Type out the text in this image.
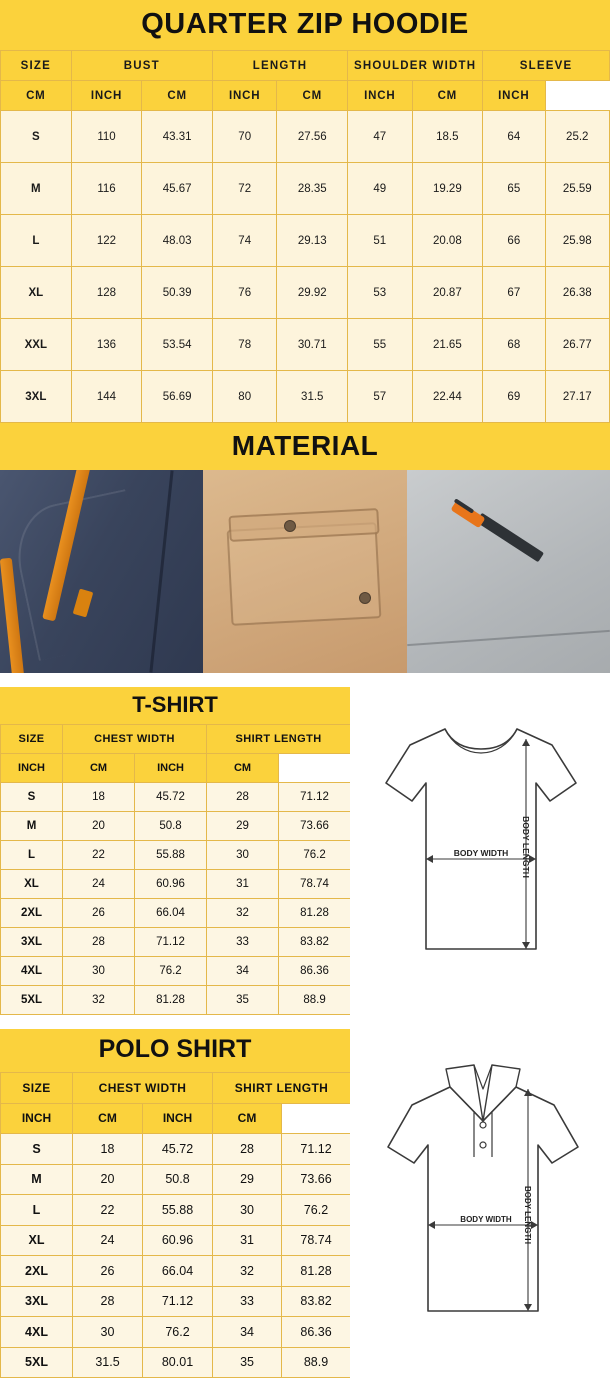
QUARTER ZIP HOODIE
SIZE	BUST		LENGTH		SHOULDER WIDTH		SLEEVE	
CM	INCH	CM	INCH	CM	INCH	CM	INCH	
S	110	43.31	70	27.56	47	18.5	64	25.2
M	116	45.67	72	28.35	49	19.29	65	25.59
L	122	48.03	74	29.13	51	20.08	66	25.98
XL	128	50.39	76	29.92	53	20.87	67	26.38
XXL	136	53.54	78	30.71	55	21.65	68	26.77
3XL	144	56.69	80	31.5	57	22.44	69	27.17
MATERIAL
T-SHIRT
SIZE	CHEST WIDTH		SHIRT LENGTH	
INCH	CM	INCH	CM	
S	18	45.72	28	71.12
M	20	50.8	29	73.66
L	22	55.88	30	76.2
XL	24	60.96	31	78.74
2XL	26	66.04	32	81.28
3XL	28	71.12	33	83.82
4XL	30	76.2	34	86.36
5XL	32	81.28	35	88.9
BODY WIDTH BODY LENGTH
POLO SHIRT
SIZE	CHEST WIDTH		SHIRT LENGTH	
INCH	CM	INCH	CM	
S	18	45.72	28	71.12
M	20	50.8	29	73.66
L	22	55.88	30	76.2
XL	24	60.96	31	78.74
2XL	26	66.04	32	81.28
3XL	28	71.12	33	83.82
4XL	30	76.2	34	86.36
5XL	31.5	80.01	35	88.9
BODY WIDTH BODY LENGTH
